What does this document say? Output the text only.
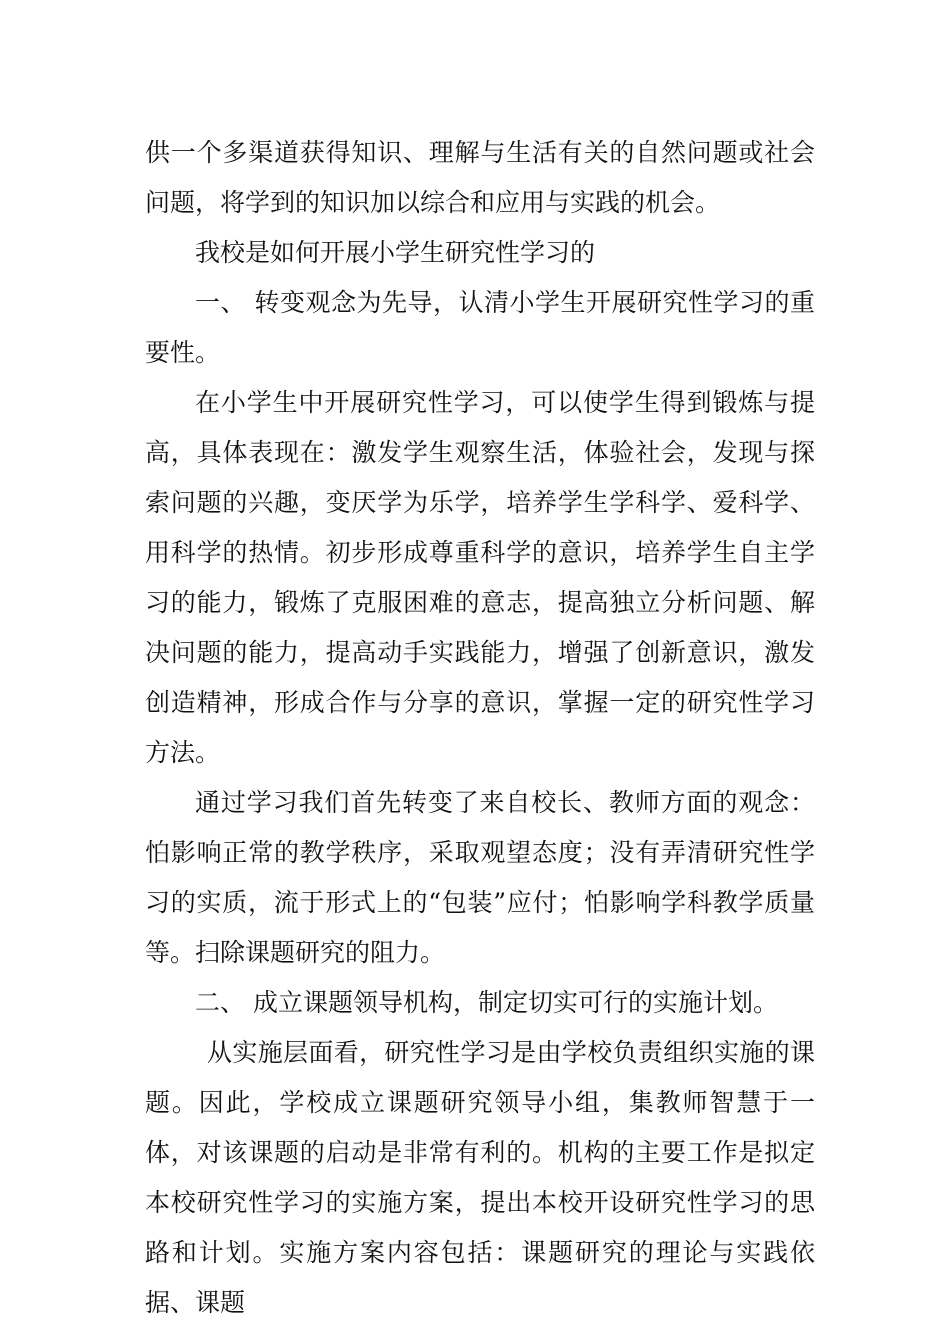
供一个多渠道获得知识、理解与生活有关的自然问题或社会问题，将学到的知识加以综合和应用与实践的机会。

我校是如何开展小学生研究性学习的

一、 转变观念为先导，认清小学生开展研究性学习的重要性。

在小学生中开展研究性学习，可以使学生得到锻炼与提高，具体表现在：激发学生观察生活，体验社会，发现与探索问题的兴趣，变厌学为乐学，培养学生学科学、爱科学、用科学的热情。初步形成尊重科学的意识，培养学生自主学习的能力，锻炼了克服困难的意志，提高独立分析问题、解决问题的能力，提高动手实践能力，增强了创新意识，激发创造精神，形成合作与分享的意识，掌握一定的研究性学习方法。

通过学习我们首先转变了来自校长、教师方面的观念：怕影响正常的教学秩序，采取观望态度；没有弄清研究性学习的实质，流于形式上的“包装”应付；怕影响学科教学质量等。扫除课题研究的阻力。

二、 成立课题领导机构，制定切实可行的实施计划。

从实施层面看，研究性学习是由学校负责组织实施的课题。因此，学校成立课题研究领导小组，集教师智慧于一体，对该课题的启动是非常有利的。机构的主要工作是拟定本校研究性学习的实施方案，提出本校开设研究性学习的思路和计划。实施方案内容包括：课题研究的理论与实践依据、课题
